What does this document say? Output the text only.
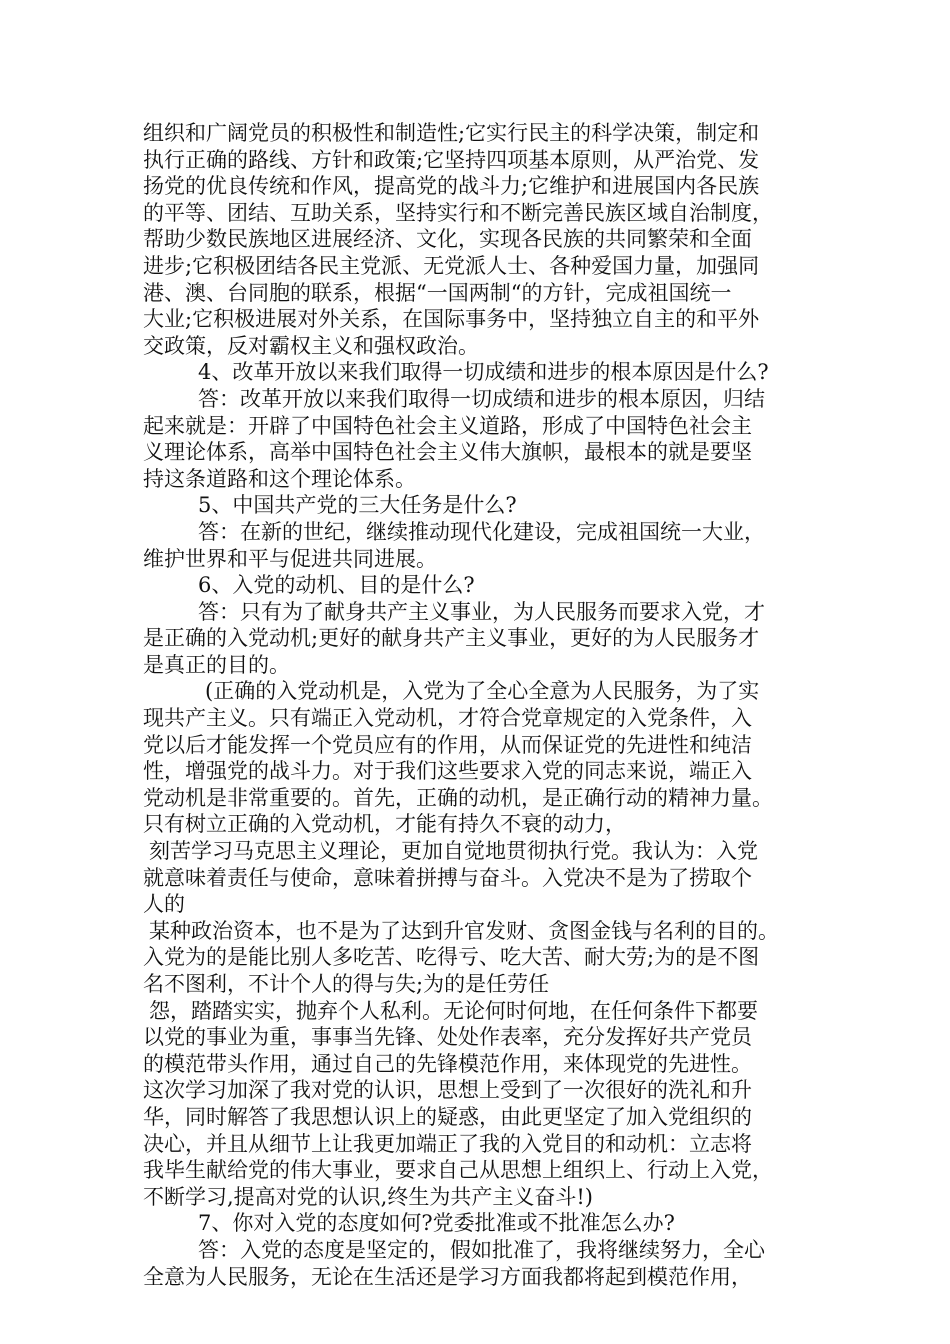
组织和广阔党员的积极性和制造性;它实行民主的科学决策，制定和
执行正确的路线、方针和政策;它坚持四项基本原则，从严治党、发
扬党的优良传统和作风，提高党的战斗力;它维护和进展国内各民族
的平等、团结、互助关系，坚持实行和不断完善民族区域自治制度，
帮助少数民族地区进展经济、文化，实现各民族的共同繁荣和全面
进步;它积极团结各民主党派、无党派人士、各种爱国力量，加强同
港、澳、台同胞的联系，根据“一国两制“的方针，完成祖国统一
大业;它积极进展对外关系，在国际事务中，坚持独立自主的和平外
交政策，反对霸权主义和强权政治。
4、改革开放以来我们取得一切成绩和进步的根本原因是什么?
答：改革开放以来我们取得一切成绩和进步的根本原因，归结
起来就是：开辟了中国特色社会主义道路，形成了中国特色社会主
义理论体系，高举中国特色社会主义伟大旗帜，最根本的就是要坚
持这条道路和这个理论体系。
5、中国共产党的三大任务是什么?
答：在新的世纪，继续推动现代化建设，完成祖国统一大业，
维护世界和平与促进共同进展。
6、入党的动机、目的是什么?
答：只有为了献身共产主义事业，为人民服务而要求入党，才
是正确的入党动机;更好的献身共产主义事业，更好的为人民服务才
是真正的目的。
(正确的入党动机是，入党为了全心全意为人民服务，为了实
现共产主义。只有端正入党动机，才符合党章规定的入党条件，入
党以后才能发挥一个党员应有的作用，从而保证党的先进性和纯洁
性，增强党的战斗力。对于我们这些要求入党的同志来说，端正入
党动机是非常重要的。首先，正确的动机，是正确行动的精神力量。
只有树立正确的入党动机，才能有持久不衰的动力，
刻苦学习马克思主义理论，更加自觉地贯彻执行党。我认为：入党
就意味着责任与使命，意味着拼搏与奋斗。入党决不是为了捞取个
人的
某种政治资本，也不是为了达到升官发财、贪图金钱与名利的目的。
入党为的是能比别人多吃苦、吃得亏、吃大苦、耐大劳;为的是不图
名不图利，不计个人的得与失;为的是任劳任
怨，踏踏实实，抛弃个人私利。无论何时何地，在任何条件下都要
以党的事业为重，事事当先锋、处处作表率，充分发挥好共产党员
的模范带头作用，通过自己的先锋模范作用，来体现党的先进性。
这次学习加深了我对党的认识，思想上受到了一次很好的洗礼和升
华，同时解答了我思想认识上的疑惑，由此更坚定了加入党组织的
决心，并且从细节上让我更加端正了我的入党目的和动机：立志将
我毕生献给党的伟大事业，要求自己从思想上组织上、行动上入党，
不断学习,提高对党的认识,终生为共产主义奋斗!)
7、你对入党的态度如何?党委批准或不批准怎么办?
答：入党的态度是坚定的，假如批准了，我将继续努力，全心
全意为人民服务，无论在生活还是学习方面我都将起到模范作用，
